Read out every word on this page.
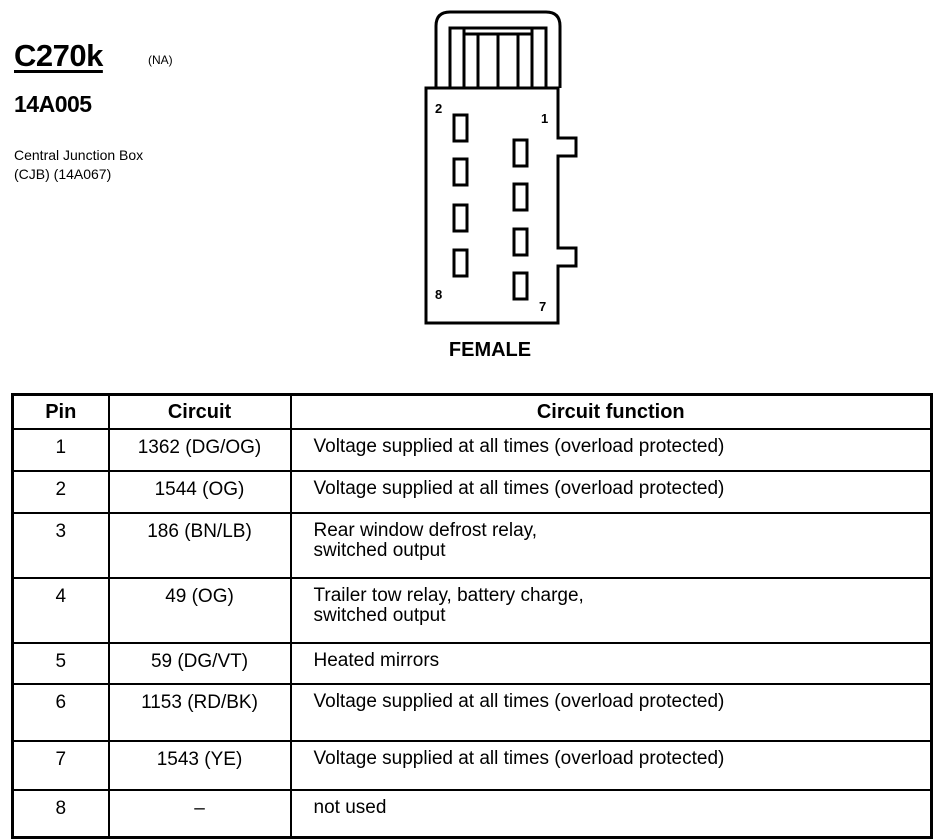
C270k	(NA)
14A005
Central Junction Box
(CJB) (14A067)
2
1
8
7
FEMALE
Pin	Circuit	Circuit function
1	1362 (DG/OG)	Voltage supplied at all times (overload protected)

2	1544 (OG)	Voltage supplied at all times (overload protected)

3	186 (BN/LB)	Rear window defrost relay,
switched output

4	49 (OG)	Trailer tow relay, battery charge,
switched output

5	59 (DG/VT)	Heated mirrors

6	1153 (RD/BK)	Voltage supplied at all times (overload protected)

7	1543 (YE)	Voltage supplied at all times (overload protected)

8	–	not used
